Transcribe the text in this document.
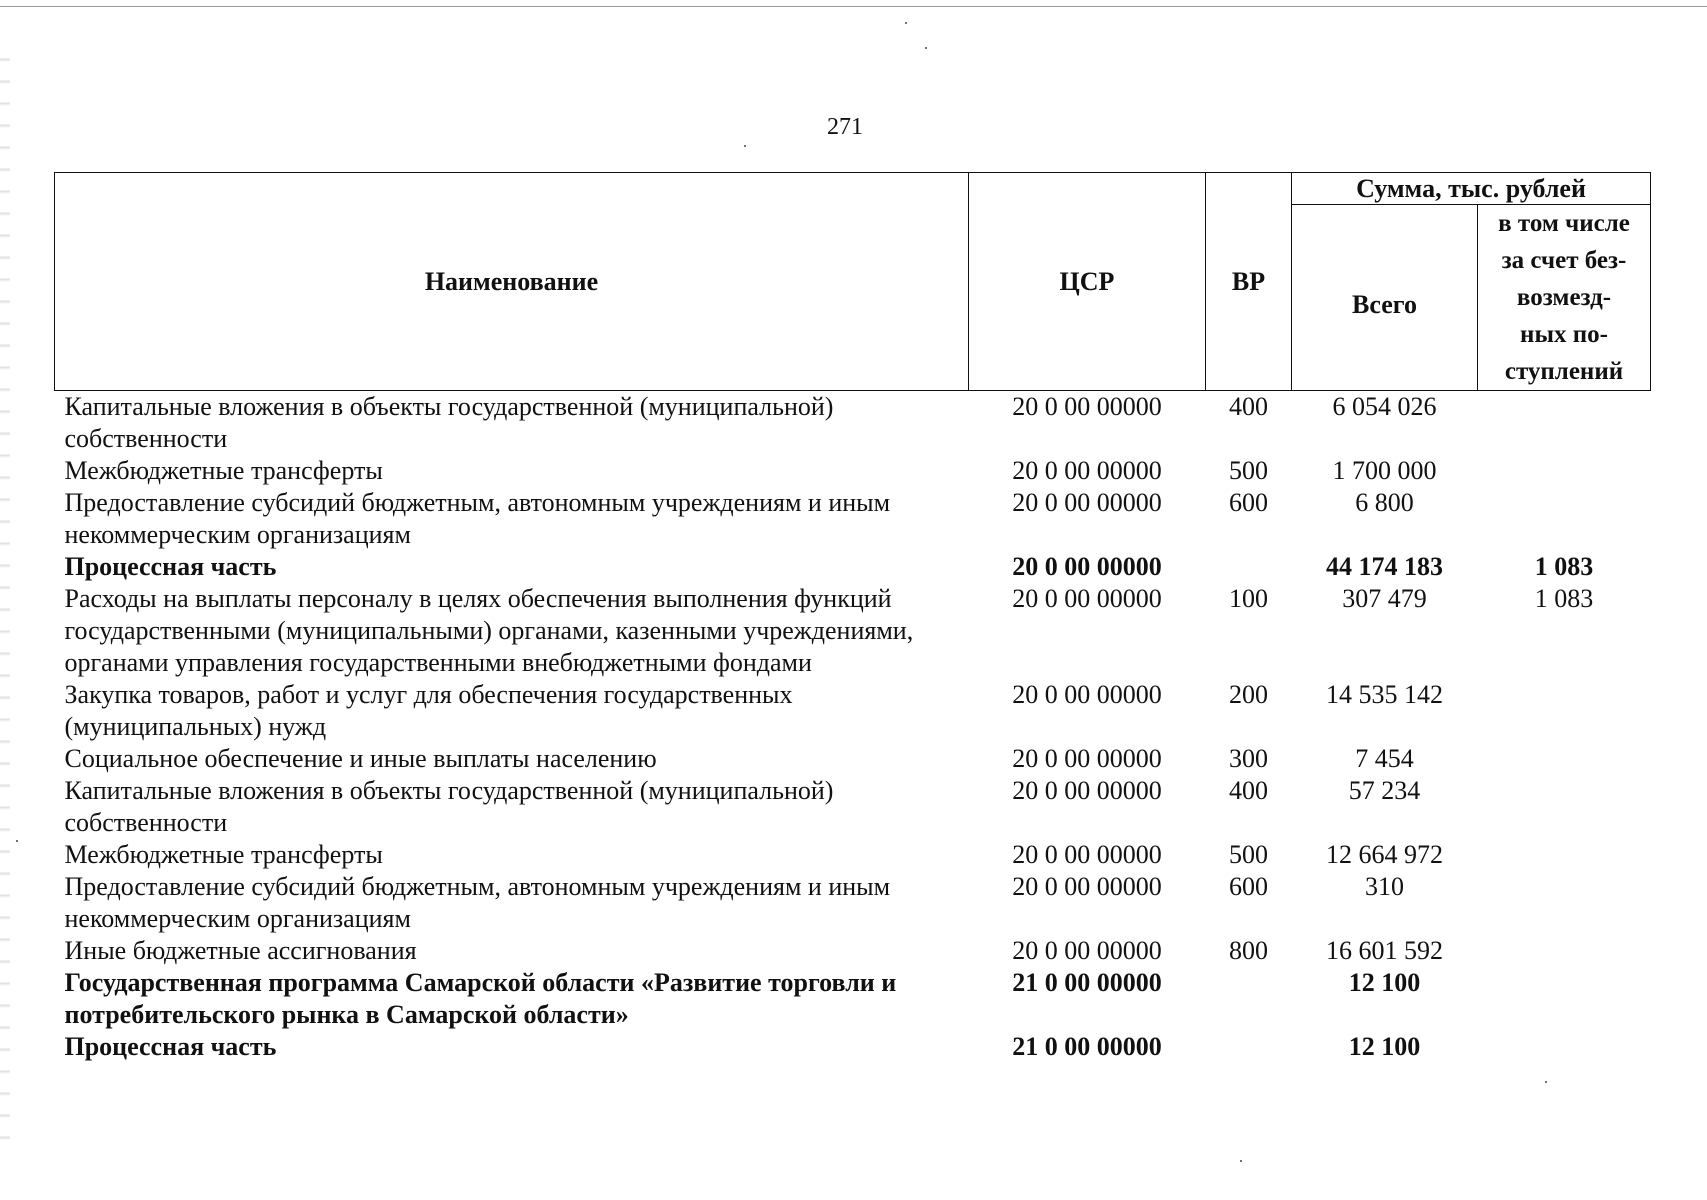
271
Наименование	ЦСР	ВР	Сумма, тыс. рублей	
			Всего	в том числе
за счет без-
возмезд-
ных по-
ступлений

Капитальные вложения в объекты государственной (муниципальной) собственности	20 0 00 00000	400	6 054 026	
Межбюджетные трансферты	20 0 00 00000	500	1 700 000	
Предоставление субсидий бюджетным, автономным учреждениям и иным некоммерческим организациям	20 0 00 00000	600	6 800	
Процессная часть	20 0 00 00000		44 174 183	1 083
Расходы на выплаты персоналу в целях обеспечения выполнения функций государственными (муниципальными) органами, казенными учреждениями, органами управления государственными внебюджетными фондами	20 0 00 00000	100	307 479	1 083
Закупка товаров, работ и услуг для обеспечения государственных (муниципальных) нужд	20 0 00 00000	200	14 535 142	
Социальное обеспечение и иные выплаты населению	20 0 00 00000	300	7 454	
Капитальные вложения в объекты государственной (муниципальной) собственности	20 0 00 00000	400	57 234	
Межбюджетные трансферты	20 0 00 00000	500	12 664 972	
Предоставление субсидий бюджетным, автономным учреждениям и иным некоммерческим организациям	20 0 00 00000	600	310	
Иные бюджетные ассигнования	20 0 00 00000	800	16 601 592	
Государственная программа Самарской области «Развитие торговли и потребительского рынка в Самарской области»	21 0 00 00000		12 100	
Процессная часть	21 0 00 00000		12 100	
